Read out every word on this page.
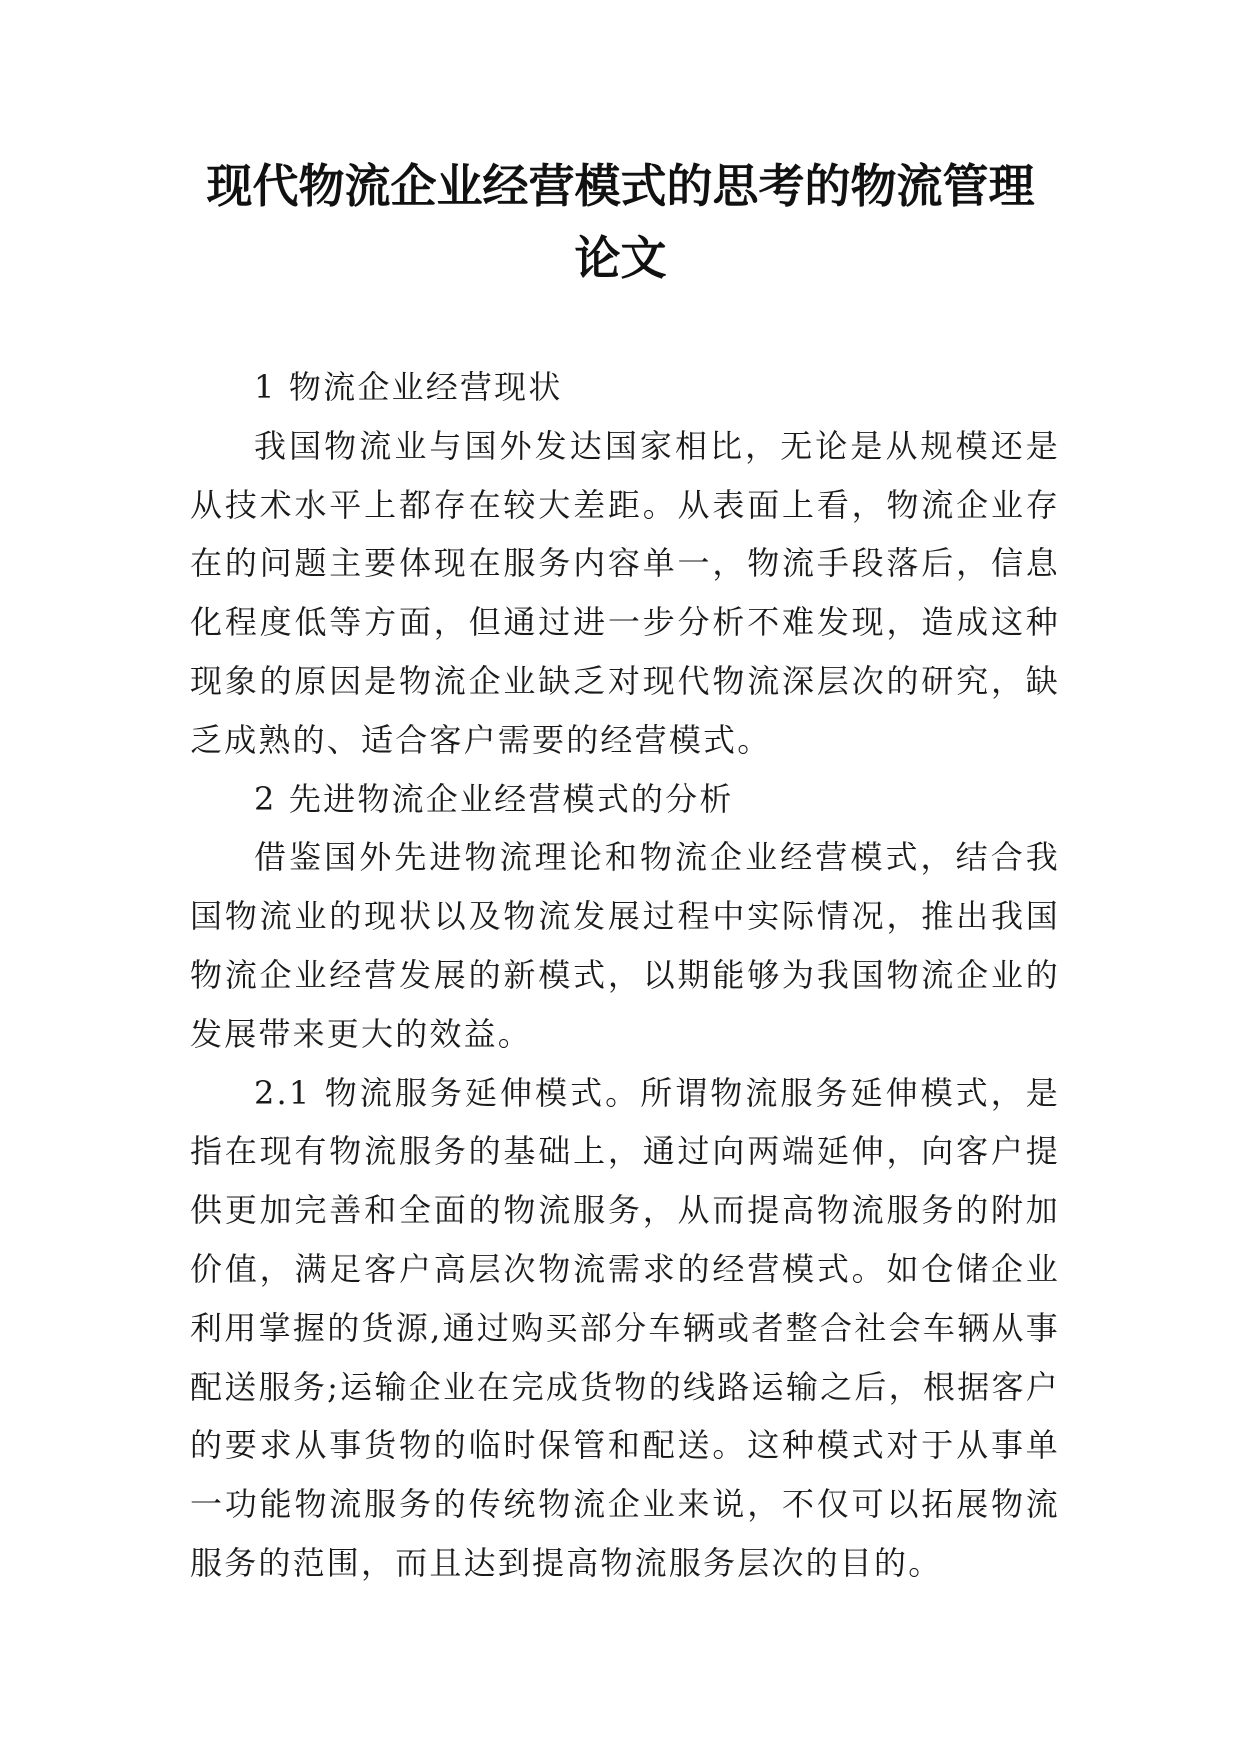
现代物流企业经营模式的思考的物流管理
论文

1 物流企业经营现状

我国物流业与国外发达国家相比，无论是从规模还是从技术水平上都存在较大差距。从表面上看，物流企业存在的问题主要体现在服务内容单一，物流手段落后，信息化程度低等方面，但通过进一步分析不难发现，造成这种现象的原因是物流企业缺乏对现代物流深层次的研究，缺乏成熟的、适合客户需要的经营模式。

2 先进物流企业经营模式的分析

借鉴国外先进物流理论和物流企业经营模式，结合我国物流业的现状以及物流发展过程中实际情况，推出我国物流企业经营发展的新模式，以期能够为我国物流企业的发展带来更大的效益。

2.1 物流服务延伸模式。所谓物流服务延伸模式，是指在现有物流服务的基础上，通过向两端延伸，向客户提供更加完善和全面的物流服务，从而提高物流服务的附加价值，满足客户高层次物流需求的经营模式。如仓储企业利用掌握的货源,通过购买部分车辆或者整合社会车辆从事配送服务;运输企业在完成货物的线路运输之后，根据客户的要求从事货物的临时保管和配送。这种模式对于从事单一功能物流服务的传统物流企业来说，不仅可以拓展物流服务的范围，而且达到提高物流服务层次的目的。
